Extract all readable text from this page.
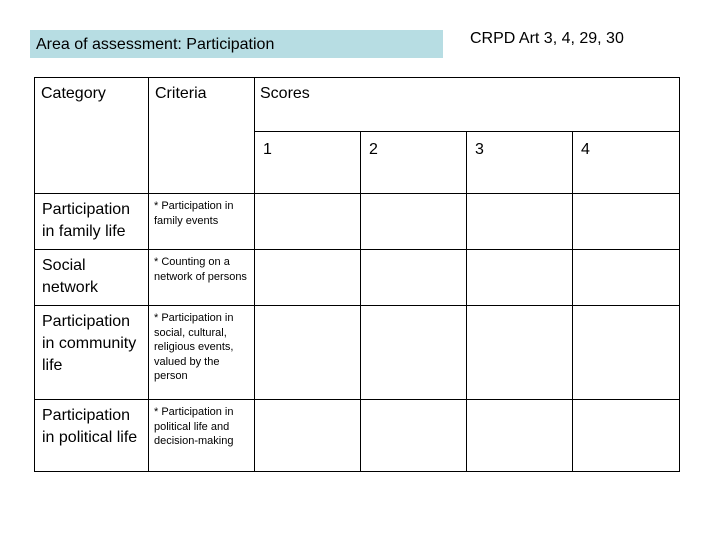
Area of assessment: Participation	CRPD Art 3, 4, 29, 30
Category	Criteria	Scores			
		1	2	3	4
Participation in family life	* Participation in family events				
Social network	* Counting on a network of persons				
Participation in community life	* Participation in social, cultural, religious events, valued by the person				
Participation in political life	* Participation in political life and decision-making				
